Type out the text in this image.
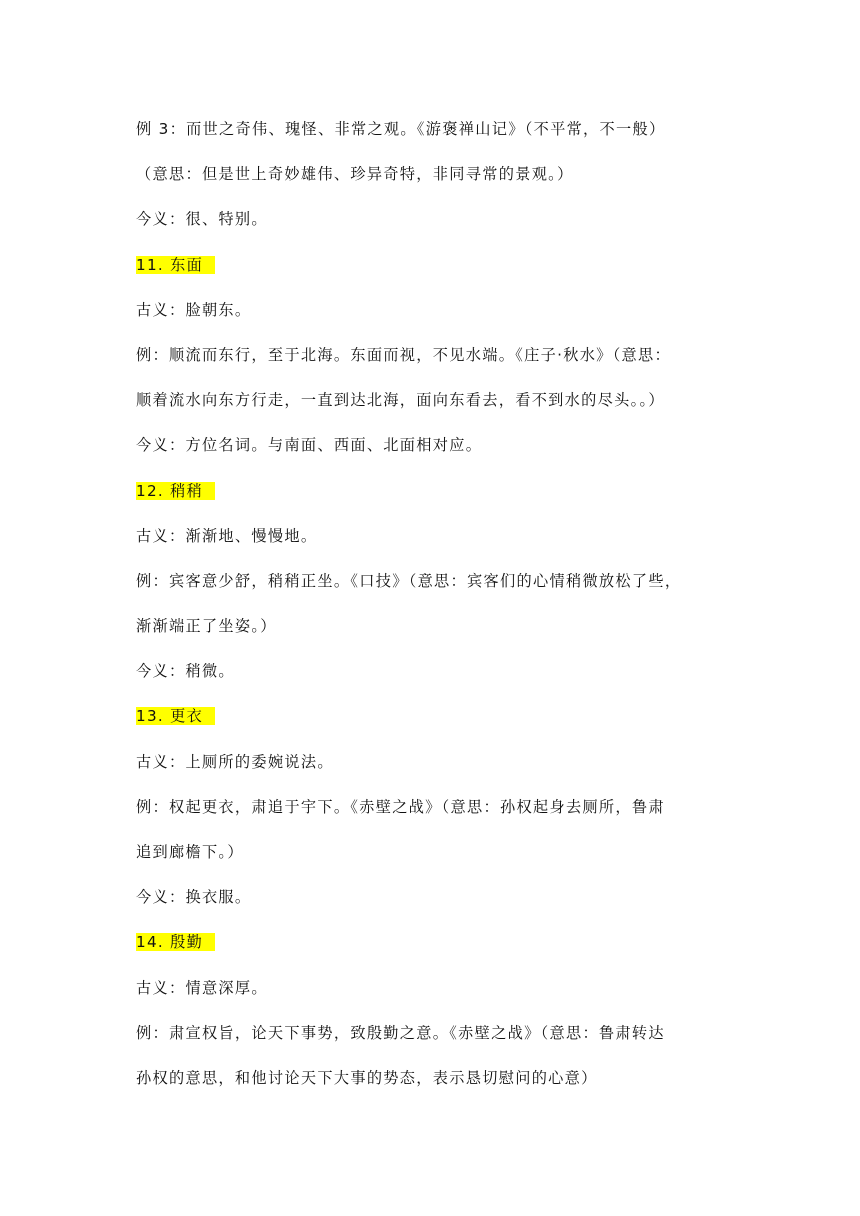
例 3：而世之奇伟、瑰怪、非常之观。《游褒禅山记》（不平常，不一般）
（意思：但是世上奇妙雄伟、珍异奇特，非同寻常的景观。）
今义：很、特别。
11. 东面
古义：脸朝东。
例：顺流而东行，至于北海。东面而视，不见水端。《庄子·秋水》（意思：
顺着流水向东方行走，一直到达北海，面向东看去，看不到水的尽头。。）
今义：方位名词。与南面、西面、北面相对应。
12. 稍稍
古义：渐渐地、慢慢地。
例：宾客意少舒，稍稍正坐。《口技》（意思：宾客们的心情稍微放松了些，
渐渐端正了坐姿。）
今义：稍微。
13. 更衣
古义：上厕所的委婉说法。
例：权起更衣，肃追于宇下。《赤壁之战》（意思：孙权起身去厕所，鲁肃
追到廊檐下。）
今义：换衣服。
14. 殷勤
古义：情意深厚。
例：肃宣权旨，论天下事势，致殷勤之意。《赤壁之战》（意思：鲁肃转达
孙权的意思，和他讨论天下大事的势态，表示恳切慰问的心意）
